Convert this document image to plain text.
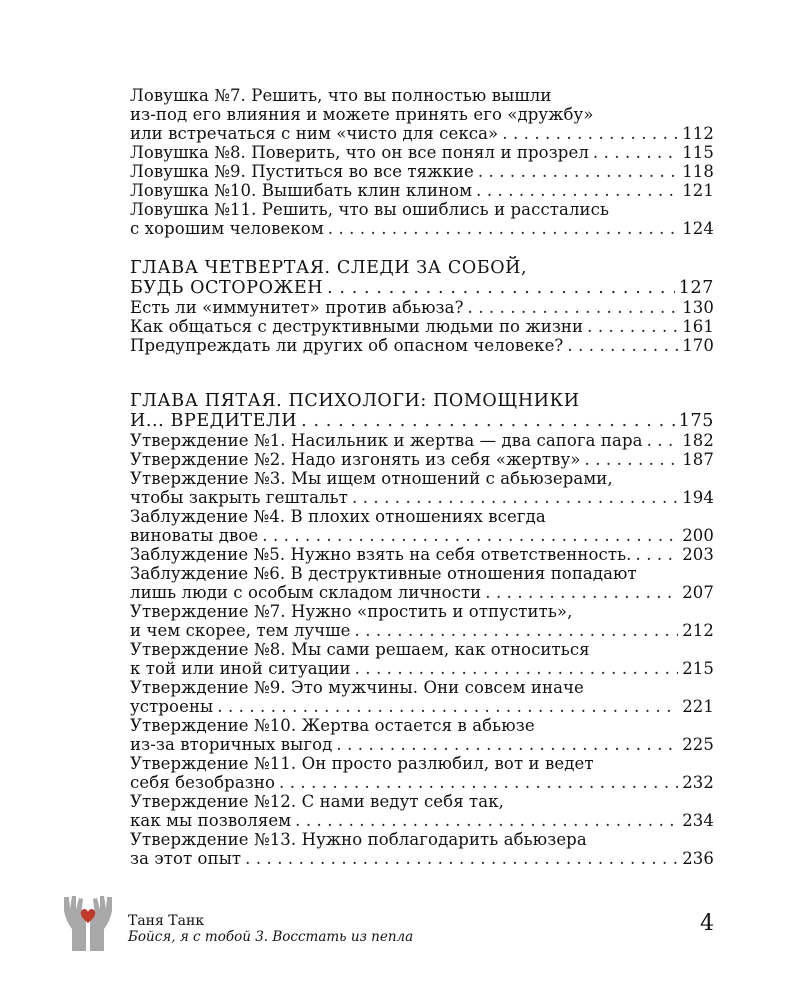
Ловушка №7. Решить, что вы полностью вышли
из-под его влияния и можете принять его «дружбу»
или встречаться с ним «чисто для секса» . . .	112
Ловушка №8. Поверить, что он все понял и прозрел . . .	115
Ловушка №9. Пуститься во все тяжкие . . .	118
Ловушка №10. Вышибать клин клином . . .	121
Ловушка №11. Решить, что вы ошиблись и расстались
с хорошим человеком . . .	124
ГЛАВА ЧЕТВЕРТАЯ. СЛЕДИ ЗА СОБОЙ,
БУДЬ ОСТОРОЖЕН . . .	127
Есть ли «иммунитет» против абьюза? . . .	130
Как общаться с деструктивными людьми по жизни . . .	161
Предупреждать ли других об опасном человеке? . . .	170
ГЛАВА ПЯТАЯ. ПСИХОЛОГИ: ПОМОЩНИКИ
И... ВРЕДИТЕЛИ . . .	175
Утверждение №1. Насильник и жертва — два сапога пара . . . 182
Утверждение №2. Надо изгонять из себя «жертву» . . .	187
Утверждение №3. Мы ищем отношений с абьюзерами,
чтобы закрыть гештальт . . .	194
Заблуждение №4. В плохих отношениях всегда
виноваты двое . . .	200
Заблуждение №5. Нужно взять на себя ответственность. . . .	203
Заблуждение №6. В деструктивные отношения попадают
лишь люди с особым складом личности . . .	207
Утверждение №7. Нужно «простить и отпустить»,
и чем скорее, тем лучше . . .	212
Утверждение №8. Мы сами решаем, как относиться
к той или иной ситуации . . .	215
Утверждение №9. Это мужчины. Они совсем иначе
устроены . . .	221
Утверждение №10. Жертва остается в абьюзе
из-за вторичных выгод . . .	225
Утверждение №11. Он просто разлюбил, вот и ведет
себя безобразно . . .	232
Утверждение №12. С нами ведут себя так,
как мы позволяем . . .	234
Утверждение №13. Нужно поблагодарить абьюзера
за этот опыт . . .	236
Таня Танк
Бойся, я с тобой 3. Восстать из пепла
4
